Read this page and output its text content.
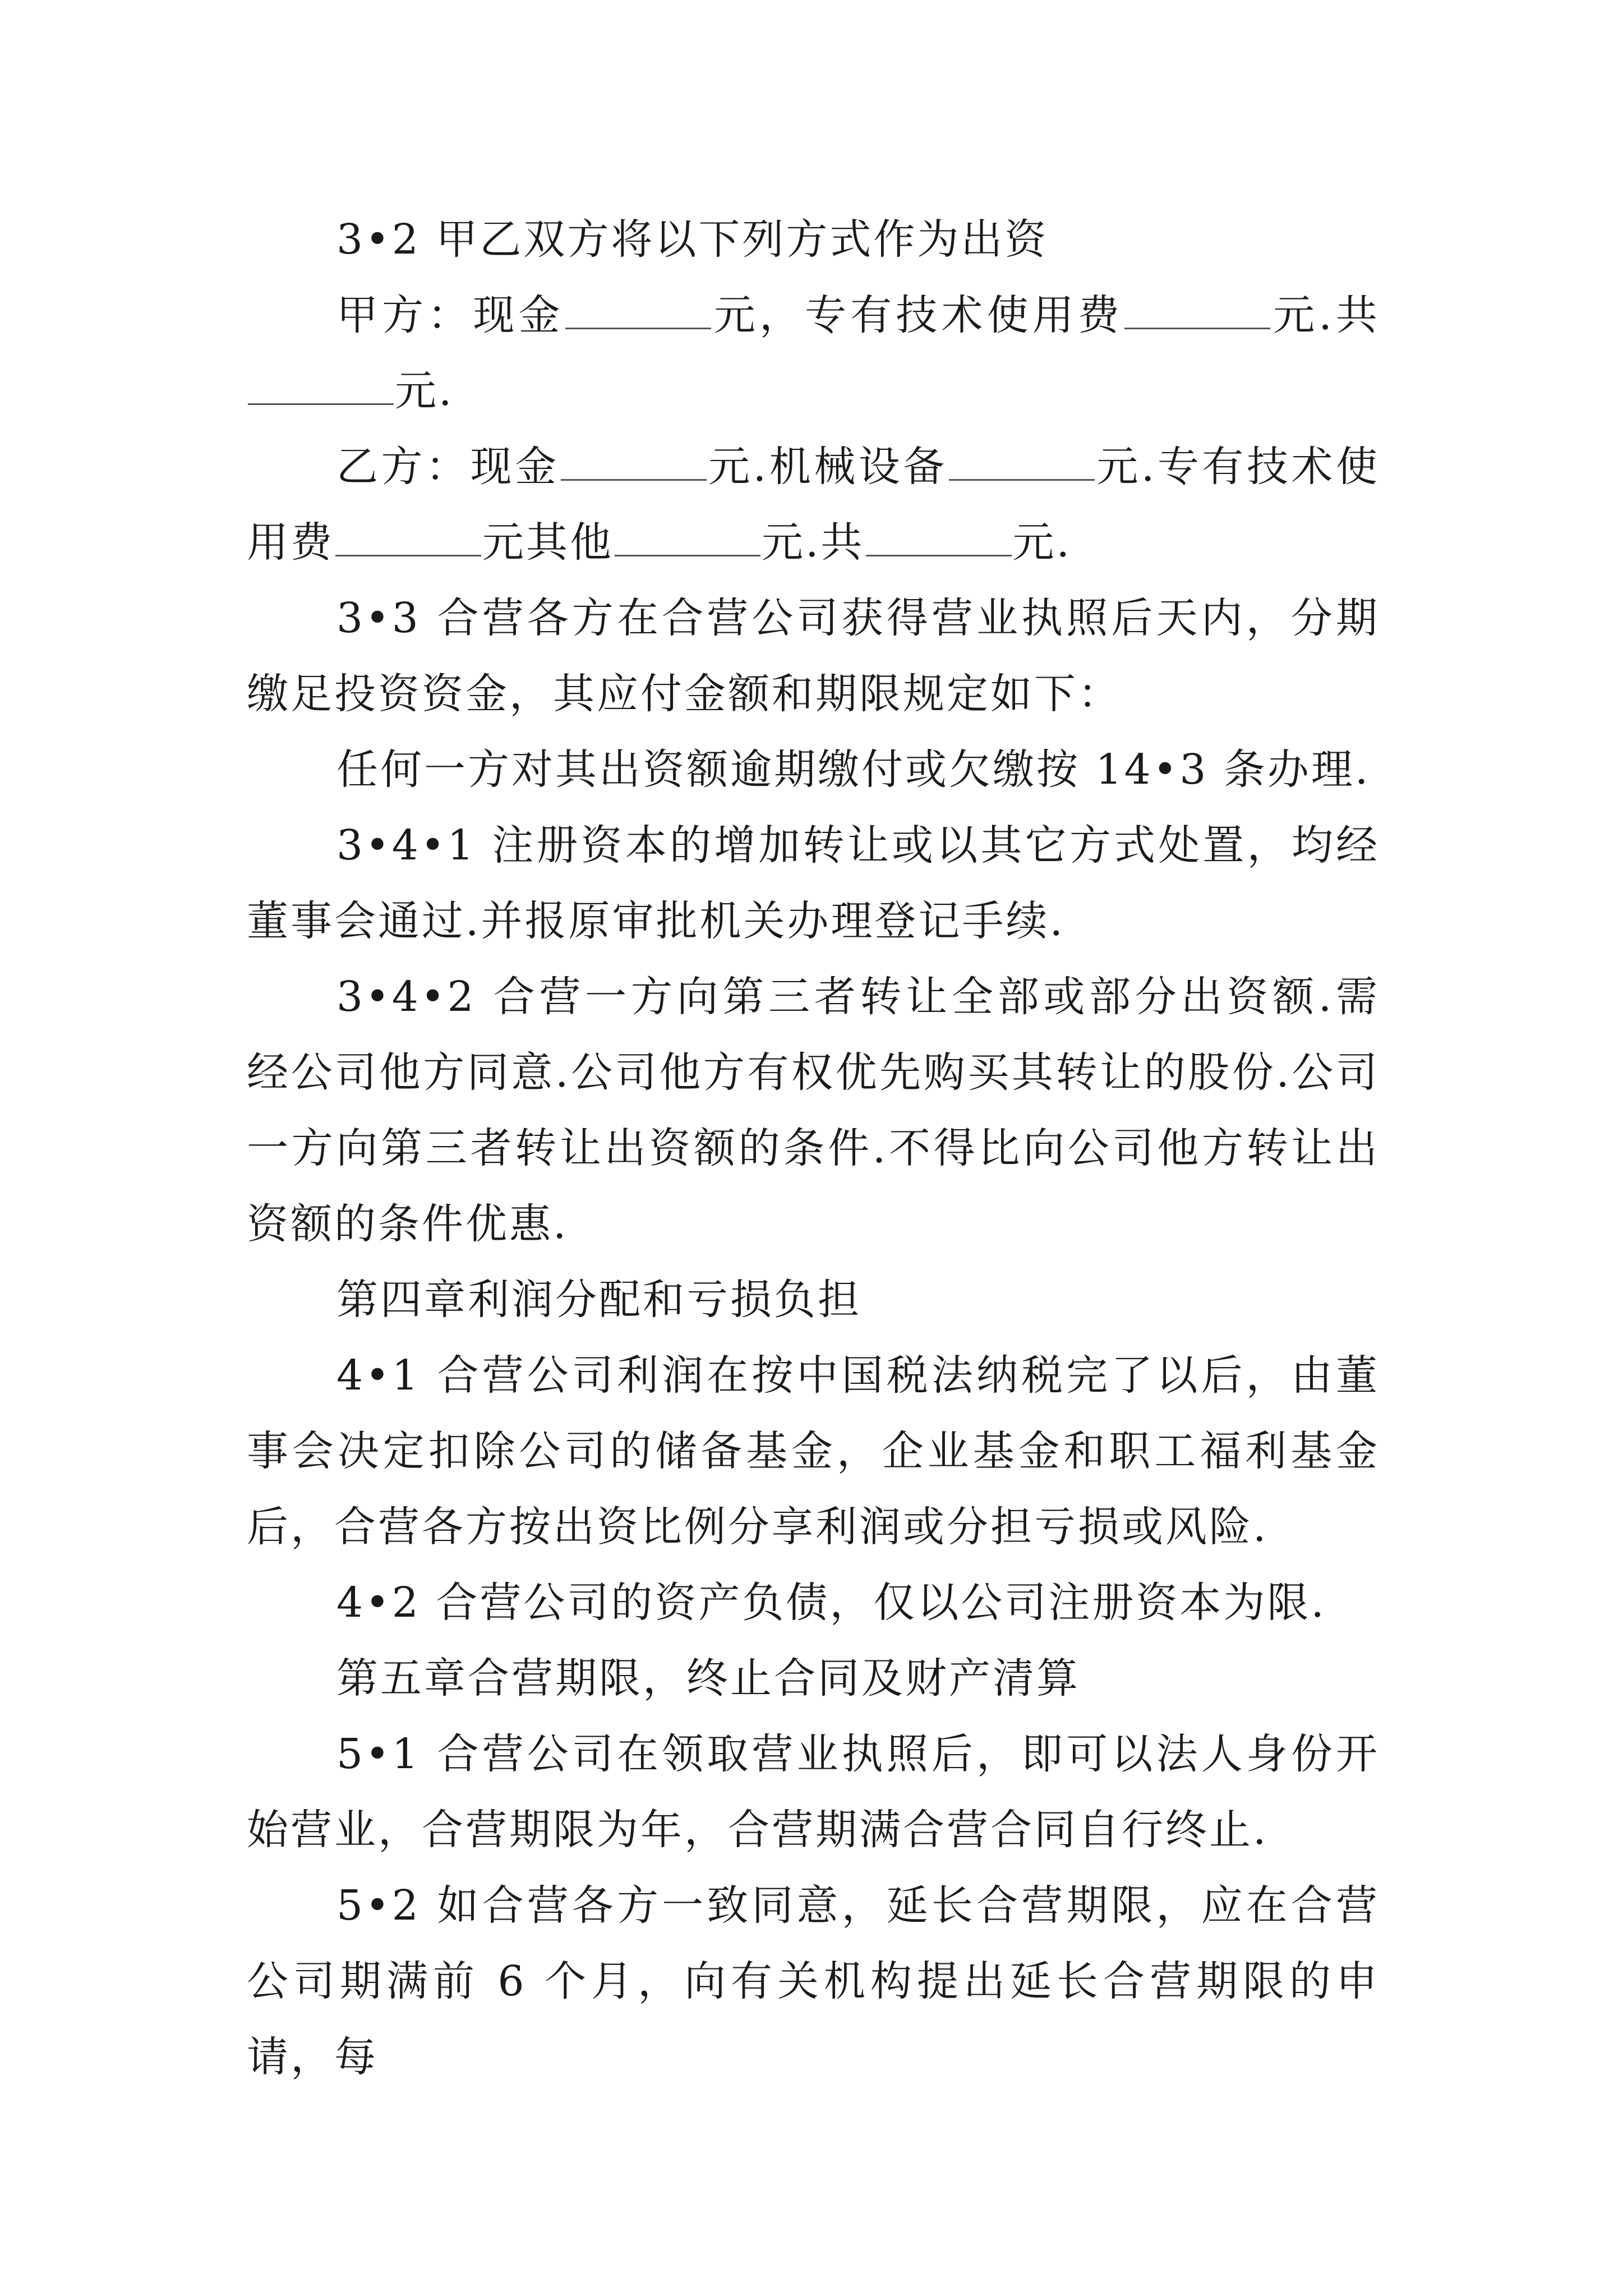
3•2 甲乙双方将以下列方式作为出资

甲方：现金	元，专有技术使用费	元.共元.

乙方：现金	元.机械设备	元.专有技术使用费	元其他	元.共	元.

3•3 合营各方在合营公司获得营业执照后天内，分期缴足投资资金，其应付金额和期限规定如下：

任何一方对其出资额逾期缴付或欠缴按 14•3 条办理.

3•4•1 注册资本的增加转让或以其它方式处置，均经董事会通过.并报原审批机关办理登记手续.

3•4•2 合营一方向第三者转让全部或部分出资额.需经公司他方同意.公司他方有权优先购买其转让的股份.公司一方向第三者转让出资额的条件.不得比向公司他方转让出资额的条件优惠.

第四章利润分配和亏损负担

4•1 合营公司利润在按中国税法纳税完了以后，由董事会决定扣除公司的储备基金，企业基金和职工福利基金后，合营各方按出资比例分享利润或分担亏损或风险.

4•2 合营公司的资产负债，仅以公司注册资本为限.

第五章合营期限，终止合同及财产清算

5•1 合营公司在领取营业执照后，即可以法人身份开始营业，合营期限为年，合营期满合营合同自行终止.

5•2 如合营各方一致同意，延长合营期限，应在合营公司期满前 6 个月，向有关机构提出延长合营期限的申请，每
